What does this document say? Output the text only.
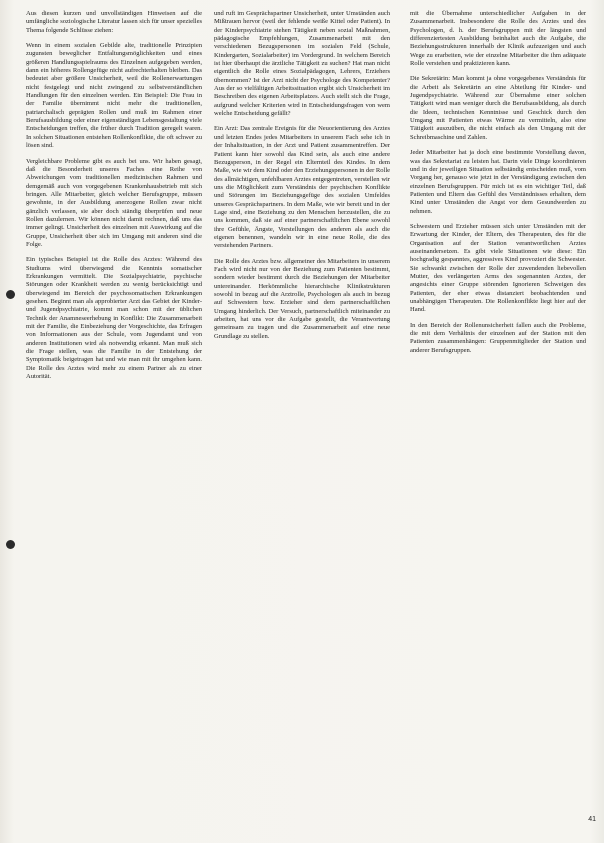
Aus diesen kurzen und unvollständigen Hinweisen auf die umfängliche soziologische Literatur lassen sich für unser spezielles Thema folgende Schlüsse ziehen:

Wenn in einem sozialen Gebilde alte, traditionelle Prinzipien zugunsten beweglicher Entfaltungsmöglichkeiten und eines größeren Handlungsspielraums des Einzelnen aufgegeben werden, dann ein höheres Rollengefüge nicht aufrechterhalten bleiben. Das bedeutet aber größere Unsicherheit, weil die Rollenerwartungen nicht festgelegt und nicht zwingend zu selbstverständlichen Handlungen für den einzelnen werden. Ein Beispiel: Die Frau in der Familie übernimmt nicht mehr die traditionellen, patriarchalisch geprägten Rollen und muß im Rahmen einer Berufsausbildung oder einer eigenständigen Lebensgestaltung viele Entscheidungen treffen, die früher durch Tradition geregelt waren. In solchen Situationen entstehen Rollenkonflikte, die oft schwer zu lösen sind.

Vergleichbare Probleme gibt es auch bei uns. Wir haben gesagt, daß die Besonderheit unseres Faches eine Reihe von Abweichungen vom traditionellen medizinischen Rahmen und demgemäß auch von vorgegebenen Krankenhausbetrieb mit sich bringen. Alle Mitarbeiter, gleich welcher Berufsgruppe, müssen gewohnte, in der Ausbildung anerzogene Rollen zwar nicht gänzlich verlassen, sie aber doch ständig überprüfen und neue Rollen dazulernen. Wir können nicht damit rechnen, daß uns das immer gelingt. Unsicherheit des einzelnen mit Auswirkung auf die Gruppe, Unsicherheit über sich im Umgang mit anderen sind die Folge.

Ein typisches Beispiel ist die Rolle des Arztes: Während des Studiums wird überwiegend die Kenntnis somatischer Erkrankungen vermittelt. Die Sozialpsychiatrie, psychische Störungen oder Krankheit werden zu wenig berücksichtigt und überwiegend im Bereich der psychosomatischen Erkrankungen gesehen. Beginnt man als approbierter Arzt das Gebiet der Kinder- und Jugendpsychiatrie, kommt man schon mit der üblichen Technik der Anamneseerhebung in Konflikt: Die Zusammenarbeit mit der Familie, die Einbeziehung der Vorgeschichte, das Erfragen von Informationen aus der Schule, vom Jugendamt und von anderen Institutionen wird als notwendig erkannt. Man muß sich die Frage stellen, was die Familie in der Entstehung der Symptomatik beigetragen hat und wie man mit ihr umgehen kann. Die Rolle des Arztes wird mehr zu einem Partner als zu einer Autorität.

und ruft im Gesprächspartner Unsicherheit, unter Umständen auch Mißtrauen hervor (weil der fehlende weiße Kittel oder Patient). In der Kinderpsychiatrie stehen Tätigkeit neben sozial Maßnahmen, pädagogische Empfehlungen, Zusammenarbeit mit den verschiedenen Bezugspersonen im sozialen Feld (Schule, Kindergarten, Sozialarbeiter) im Vordergrund. In welchem Bereich ist hier überhaupt die ärztliche Tätigkeit zu suchen? Hat man nicht eigentlich die Rolle eines Sozialpädagogen, Lehrers, Erziehers übernommen? Ist der Arzt nicht der Psychologe des Kompetenter? Aus der so vielfältigen Arbeitssituation ergibt sich Unsicherheit im Beschreiben des eigenen Arbeitsplatzes. Auch stellt sich die Frage, aufgrund welcher Kriterien wird in Entscheidungsfragen von wem welche Entscheidung gefällt?

Ein Arzt: Das zentrale Ereignis für die Neuorientierung des Arztes und letzten Endes jedes Mitarbeiters in unserem Fach sehe ich in der Inhaltsituation, in der Arzt und Patient zusammentreffen. Der Patient kann hier sowohl das Kind sein, als auch eine andere Bezugsperson, in der Regel ein Elternteil des Kindes. In dem Maße, wie wir dem Kind oder den Erziehungspersonen in der Rolle des allmächtigen, unfehlbaren Arztes entgegentreten, verstellen wir uns die Möglichkeit zum Verständnis der psychischen Konflikte und Störungen im Beziehungsgefüge des sozialen Umfeldes unseres Gesprächspartners. In dem Maße, wie wir bereit und in der Lage sind, eine Beziehung zu den Menschen herzustellen, die zu uns kommen, daß sie auf einer partnerschaftlichen Ebene sowohl ihre Gefühle, Ängste, Vorstellungen des anderen als auch die eigenen benennen, wandeln wir in eine neue Rolle, die des verstehenden Partners.

Die Rolle des Arztes bzw. allgemeiner des Mitarbeiters in unserem Fach wird nicht nur von der Beziehung zum Patienten bestimmt, sondern wieder bestimmt durch die Beziehungen der Mitarbeiter untereinander. Herkömmliche hierarchische Klinikstrukturen sowohl in bezug auf die Arztrolle, Psychologen als auch in bezug auf Schwestern bzw. Erzieher sind dem partnerschaftlichen Umgang hinderlich. Der Versuch, partnerschaftlich miteinander zu arbeiten, hat uns vor die Aufgabe gestellt, die Verantwortung gemeinsam zu tragen und die Zusammenarbeit auf eine neue Grundlage zu stellen.

mit die Übernahme unterschiedlicher Aufgaben in der Zusammenarbeit. Insbesondere die Rolle des Arztes und des Psychologen, d. h. der Berufsgruppen mit der längsten und differenziertesten Ausbildung beinhaltet auch die Aufgabe, die Beziehungsstrukturen innerhalb der Klinik aufzuzeigen und auch Wege zu erarbeiten, wie der einzelne Mitarbeiter die ihm adäquate Rolle verstehen und praktizieren kann.

Die Sekretärin: Man kommt ja ohne vorgegebenes Verständnis für die Arbeit als Sekretärin an eine Abteilung für Kinder- und Jugendpsychiatrie. Während zur Übernahme einer solchen Tätigkeit wird man weniger durch die Berufsausbildung, als durch die Ideen, technischen Kenntnisse und Geschick durch den Umgang mit Patienten etwas Wärme zu vermitteln, also eine Tätigkeit auszuüben, die nicht einfach als den Umgang mit der Schreibmaschine und Zahlen.

Jeder Mitarbeiter hat ja doch eine bestimmte Vorstellung davon, was das Sekretariat zu leisten hat. Darin viele Dinge koordinieren und in der jeweiligen Situation selbständig entscheiden muß, vom Vorgang her, genauso wie jetzt in der Verständigung zwischen den einzelnen Berufsgruppen. Für mich ist es ein wichtiger Teil, daß Patienten und Eltern das Gefühl des Verständnisses erhalten, dem Kind unter Umständen die Angst vor dem Gesundwerden zu nehmen.

Schwestern und Erzieher müssen sich unter Umständen mit der Erwartung der Kinder, der Eltern, des Therapeuten, des für die Organisation auf der Station verantwortlichen Arztes auseinandersetzen. Es gibt viele Situationen wie diese: Ein hochgradig gespanntes, aggressives Kind provoziert die Schwester. Sie schwankt zwischen der Rolle der zuwendenden liebevollen Mutter, des verlängerten Arms des sogenannten Arztes, der angesichts einer Gruppe störenden Ignorieren Schweigen des Patienten, der eher etwas distanziert beobachtenden und unabhängigen Therapeuten. Die Rollenkonflikte liegt hier auf der Hand.

In den Bereich der Rollenunsicherheit fallen auch die Probleme, die mit dem Verhältnis der einzelnen auf der Station mit den Patienten zusammenhängen: Gruppenmitglieder der Station und anderer Berufsgruppen.

41
